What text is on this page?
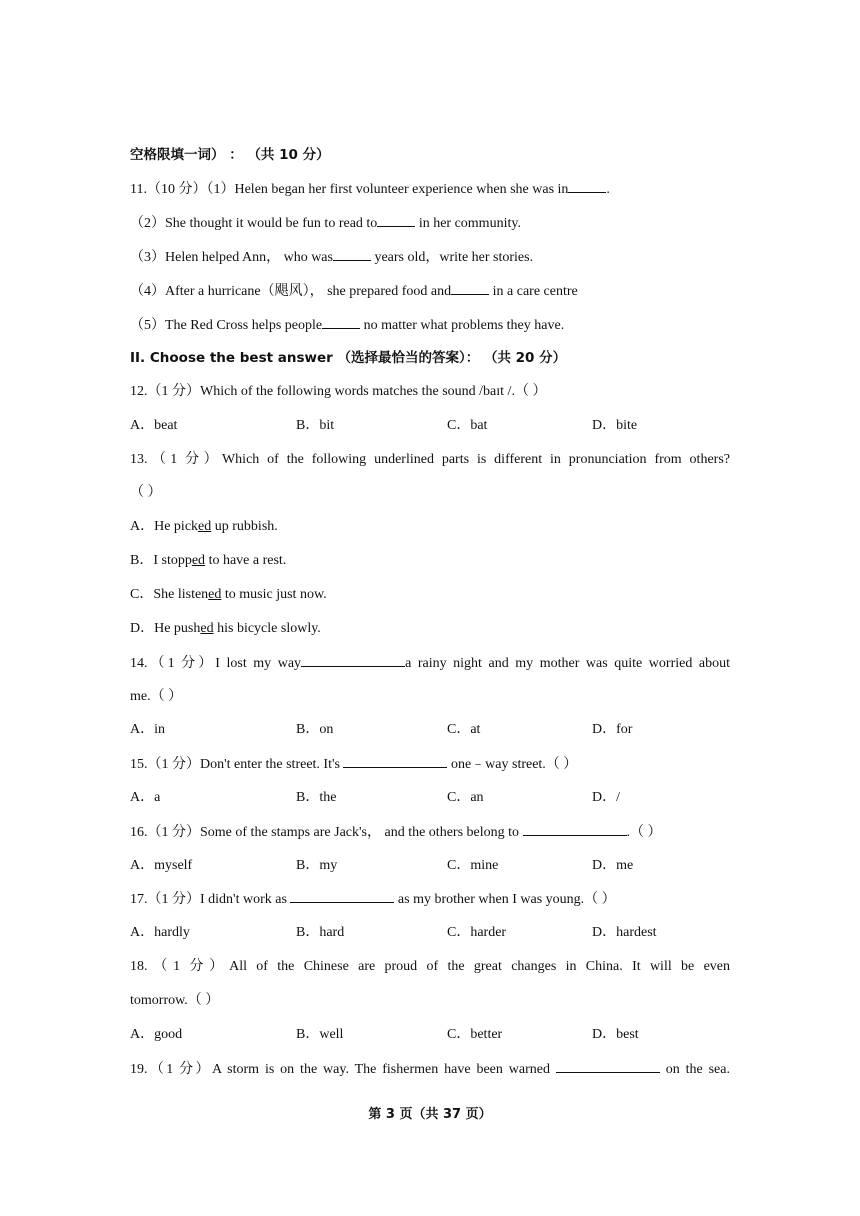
空格限填一词） ： （共 10 分）
11.（10 分）（1）Helen began her first volunteer experience when she was in	.
（2）She thought it would be fun to read to	in her community.
（3）Helen helped Ann， who was	years old，write her stories.
（4）After a hurricane（飓风）， she prepared food and	in a care centre
（5）The Red Cross helps people	no matter what problems they have.
II. Choose the best answer （选择最恰当的答案）： （共 20 分）
12.（1 分）Which of the following words matches the sound /baɪt /.（ ）
A．beat	B．bit	C．bat	D．bite
13.（1 分）Which of the following underlined parts is different in pronunciation from others?
（ ）
A．He picked up rubbish.
B．I stopped to have a rest.
C．She listened to music just now.
D．He pushed his bicycle slowly.
14.（1 分）I lost my way	a rainy night and my mother was quite worried about
me.（ ）
A．in	B．on	C．at	D．for
15.（1 分）Don't enter the street. It's	one﹣way street.（ ）
A．a	B．the	C．an	D．/
16.（1 分）Some of the stamps are Jack's， and the others belong to	.（ ）
A．myself	B．my	C．mine	D．me
17.（1 分）I didn't work as	as my brother when I was young.（ ）
A．hardly	B．hard	C．harder	D．hardest
18.（1 分）All of the Chinese are proud of the great changes in China. It will be even
tomorrow.（ ）
A．good	B．well	C．better	D．best
19.（1 分）A storm is on the way. The fishermen have been warned	on the sea.
第 3 页（共 37 页）
